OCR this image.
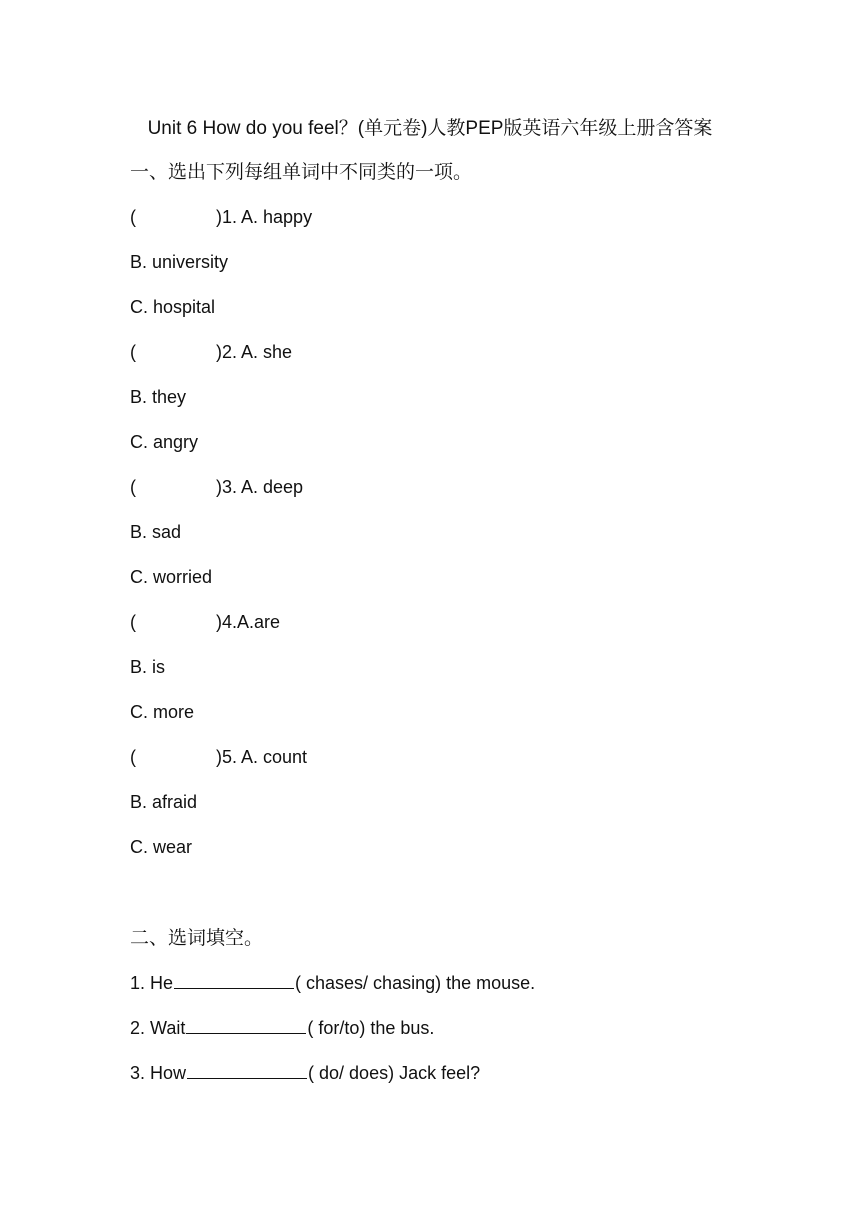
Unit 6 How do you feel？(单元卷)人教PEP版英语六年级上册含答案
一、选出下列每组单词中不同类的一项。
(	)1. A. happy
B. university
C. hospital
(	)2. A. she
B. they
C. angry
(	)3. A. deep
B. sad
C. worried
(	)4.A.are
B. is
C. more
(	)5. A. count
B. afraid
C. wear
二、选词填空。
1. He	( chases/ chasing) the mouse.
2. Wait	( for/to) the bus.
3. How	( do/ does) Jack feel?
